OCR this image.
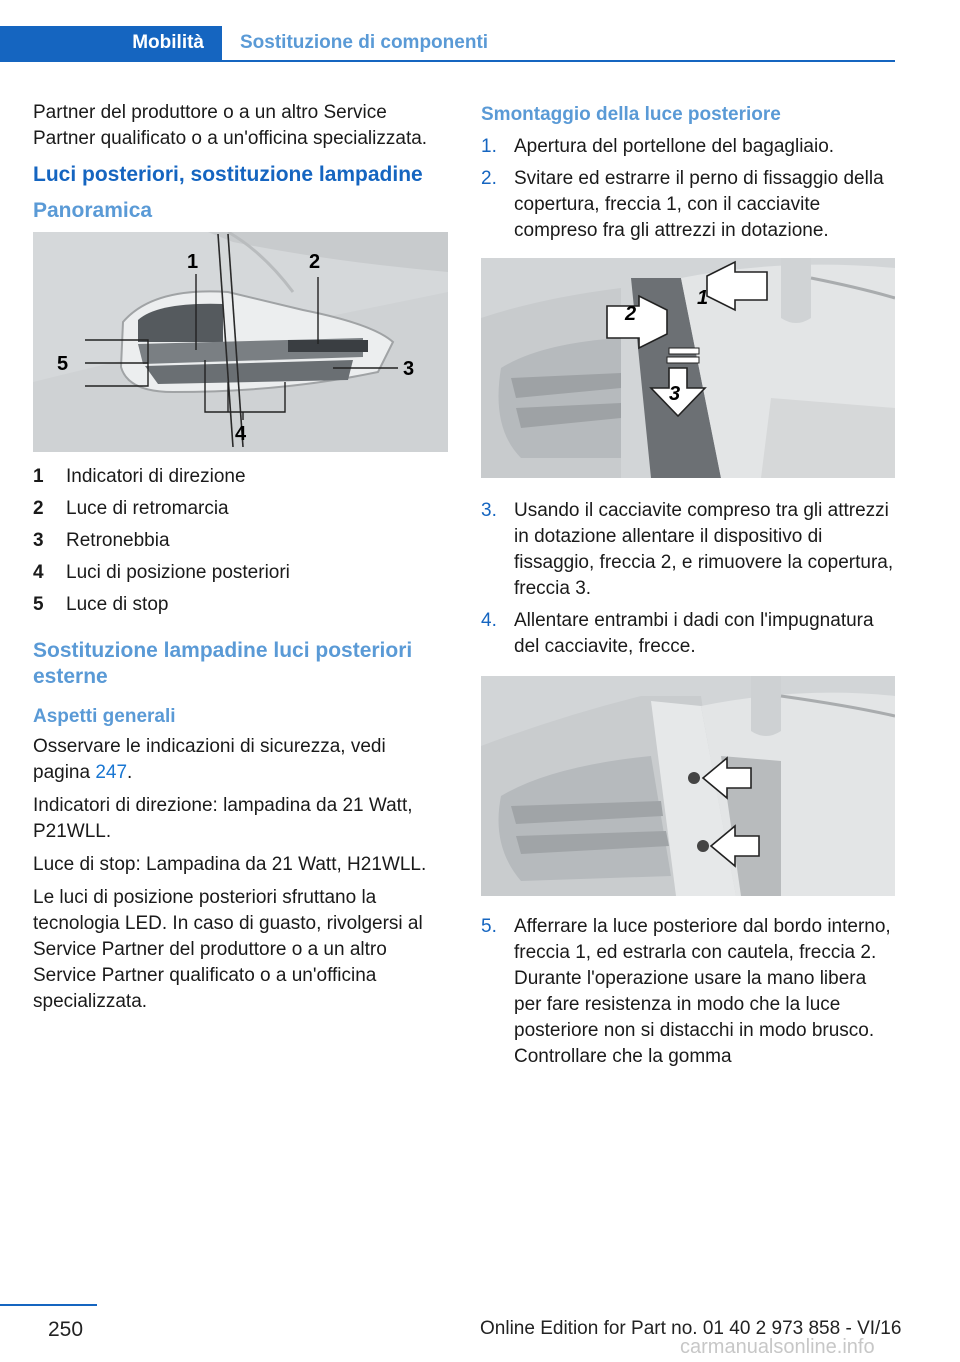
Mobilità Sostituzione di componenti

Partner del produttore o a un altro Service Partner qualificato o a un'officina specializzata.

Luci posteriori, sostituzione lampadine
Panoramica
1	2
3
4
5
1	Indicatori di direzione
2	Luce di retromarcia
3	Retronebbia
4	Luci di posizione posteriori
5	Luce di stop
Sostituzione lampadine luci posteriori esterne
Aspetti generali

Osservare le indicazioni di sicurezza, vedi pagina 247.

Indicatori di direzione: lampadina da 21 Watt, P21WLL.

Luce di stop: Lampadina da 21 Watt, H21WLL.

Le luci di posizione posteriori sfruttano la tecnologia LED. In caso di guasto, rivolgersi al Service Partner del produttore o a un altro Service Partner qualificato o a un'officina specializzata.

Smontaggio della luce posteriore
1. Apertura del portellone del bagagliaio.
2. Svitare ed estrarre il perno di fissaggio della copertura, freccia 1, con il cacciavite compreso fra gli attrezzi in dotazione.
1
2
3
3. Usando il cacciavite compreso tra gli attrezzi in dotazione allentare il dispositivo di fissaggio, freccia 2, e rimuovere la copertura, freccia 3.
4. Allentare entrambi i dadi con l'impugnatura del cacciavite, frecce.
5. Afferrare la luce posteriore dal bordo interno, freccia 1, ed estrarla con cautela, freccia 2. Durante l'operazione usare la mano libera per fare resistenza in modo che la luce posteriore non si distacchi in modo brusco. Controllare che la gomma
250	Online Edition for Part no. 01 40 2 973 858 - VI/16
carmanualsonline.info
